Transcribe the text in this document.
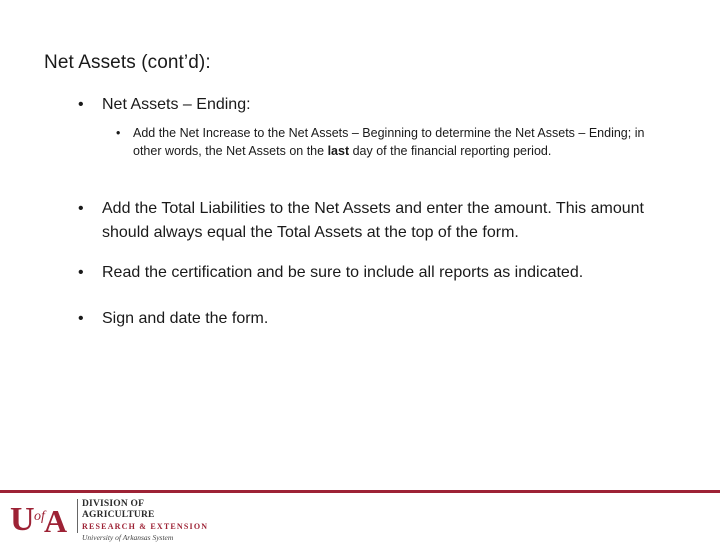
Net Assets (cont’d):
•	Net Assets – Ending:
•	Add the Net Increase to the Net Assets – Beginning to determine the Net Assets – Ending; in other words, the Net Assets on the last day of the financial reporting period.
•	Add the Total Liabilities to the Net Assets and enter the amount. This amount should always equal the Total Assets at the top of the form.
•	Read the certification and be sure to include all reports as indicated.
•	Sign and date the form.
U of A DIVISION OF AGRICULTURE
RESEARCH & EXTENSION
University of Arkansas System
